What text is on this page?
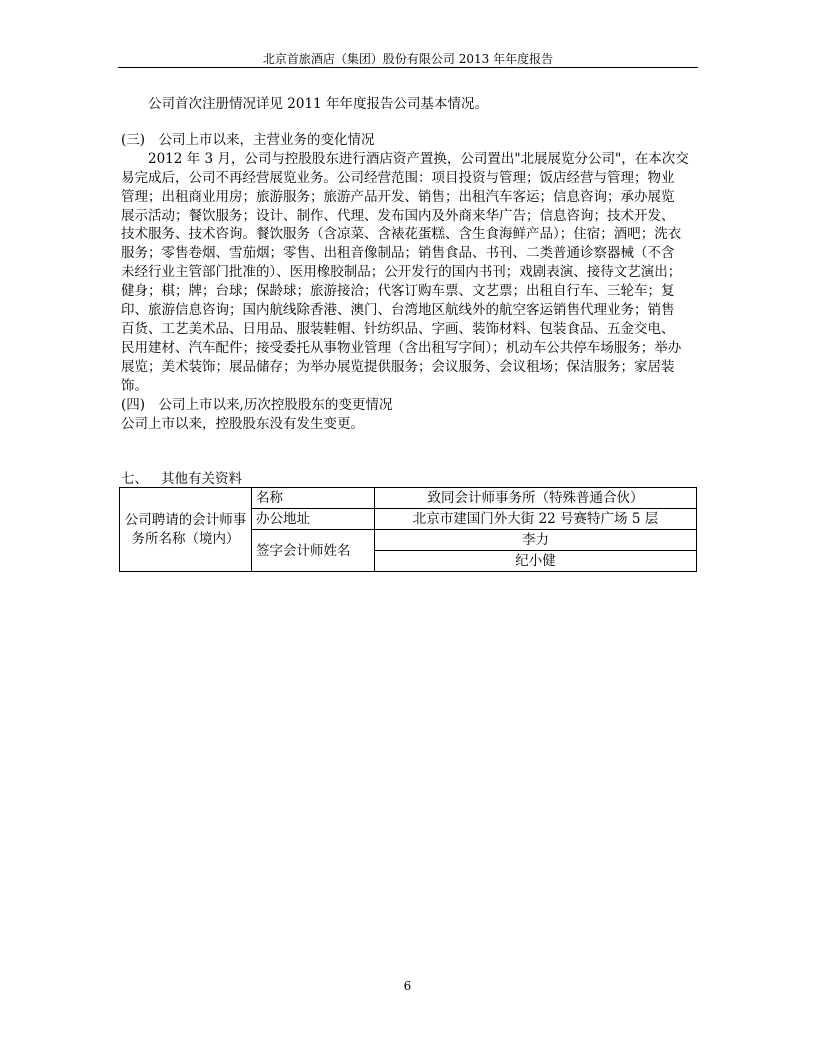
北京首旅酒店（集团）股份有限公司 2013 年年度报告

公司首次注册情况详见 2011 年年度报告公司基本情况。

(三)　公司上市以来，主营业务的变化情况

2012 年 3 月，公司与控股股东进行酒店资产置换，公司置出"北展展览分公司"，在本次交
易完成后，公司不再经营展览业务。公司经营范围：项目投资与管理；饭店经营与管理；物业
管理；出租商业用房；旅游服务；旅游产品开发、销售；出租汽车客运；信息咨询；承办展览
展示活动；餐饮服务；设计、制作、代理、发布国内及外商来华广告；信息咨询；技术开发、
技术服务、技术咨询。餐饮服务（含凉菜、含裱花蛋糕、含生食海鲜产品）；住宿；酒吧；洗衣
服务；零售卷烟、雪茄烟；零售、出租音像制品；销售食品、书刊、二类普通诊察器械（不含
未经行业主管部门批准的）、医用橡胶制品；公开发行的国内书刊；戏剧表演、接待文艺演出；
健身；棋；牌；台球；保龄球；旅游接洽；代客订购车票、文艺票；出租自行车、三轮车；复
印、旅游信息咨询；国内航线除香港、澳门、台湾地区航线外的航空客运销售代理业务；销售
百货、工艺美术品、日用品、服装鞋帽、针纺织品、字画、装饰材料、包装食品、五金交电、
民用建材、汽车配件；接受委托从事物业管理（含出租写字间）；机动车公共停车场服务；举办
展览；美术装饰；展品储存；为举办展览提供服务；会议服务、会议租场；保洁服务；家居装
饰。

(四)　公司上市以来,历次控股股东的变更情况

公司上市以来，控股股东没有发生变更。

七、 其他有关资料
公司聘请的会计师事务所名称（境内）	名称	致同会计师事务所（特殊普通合伙）
	办公地址	北京市建国门外大街 22 号赛特广场 5 层
	签字会计师姓名	李力
		纪小健
6
